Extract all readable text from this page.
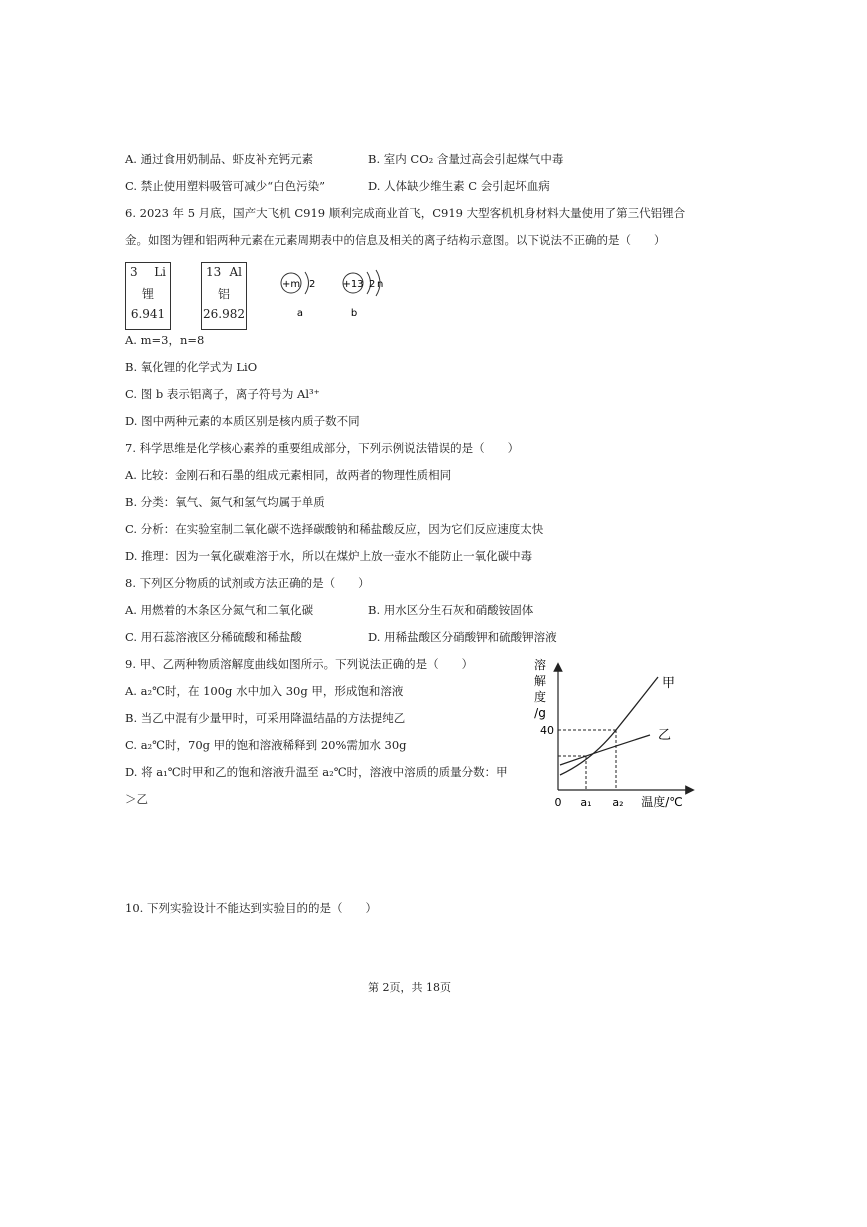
A. 通过食用奶制品、虾皮补充钙元素	B. 室内 CO₂ 含量过高会引起煤气中毒
C. 禁止使用塑料吸管可减少“白色污染”	D. 人体缺少维生素 C 会引起坏血病
6. 2023 年 5 月底，国产大飞机 C919 顺利完成商业首飞，C919 大型客机机身材料大量使用了第三代铝锂合
金。如图为锂和铝两种元素在元素周期表中的信息及相关的离子结构示意图。以下说法不正确的是（　　）
3 Li
锂
6.941
13 Al
铝
26.982
+m 2
a
+13 2 n
b
A. m=3，n=8
B. 氧化锂的化学式为 LiO
C. 图 b 表示铝离子，离子符号为 Al³⁺
D. 图中两种元素的本质区别是核内质子数不同
7. 科学思维是化学核心素养的重要组成部分，下列示例说法错误的是（　　）
A. 比较：金刚石和石墨的组成元素相同，故两者的物理性质相同
B. 分类：氧气、氮气和氢气均属于单质
C. 分析：在实验室制二氧化碳不选择碳酸钠和稀盐酸反应，因为它们反应速度太快
D. 推理：因为一氧化碳难溶于水，所以在煤炉上放一壶水不能防止一氧化碳中毒
8. 下列区分物质的试剂或方法正确的是（　　）
A. 用燃着的木条区分氮气和二氧化碳	B. 用水区分生石灰和硝酸铵固体
C. 用石蕊溶液区分稀硫酸和稀盐酸	D. 用稀盐酸区分硝酸钾和硫酸钾溶液
9. 甲、乙两种物质溶解度曲线如图所示。下列说法正确的是（　　）
A. a₂℃时，在 100g 水中加入 30g 甲，形成饱和溶液
B. 当乙中混有少量甲时，可采用降温结晶的方法提纯乙
C. a₂℃时，70g 甲的饱和溶液稀释到 20%需加水 30g
D. 将 a₁℃时甲和乙的饱和溶液升温至 a₂℃时，溶液中溶质的质量分数：甲
＞乙
溶
解
度
/g
40
0 a₁ a₂ 温度/℃
甲
乙
10. 下列实验设计不能达到实验目的的是（　　）
第 2页，共 18页
